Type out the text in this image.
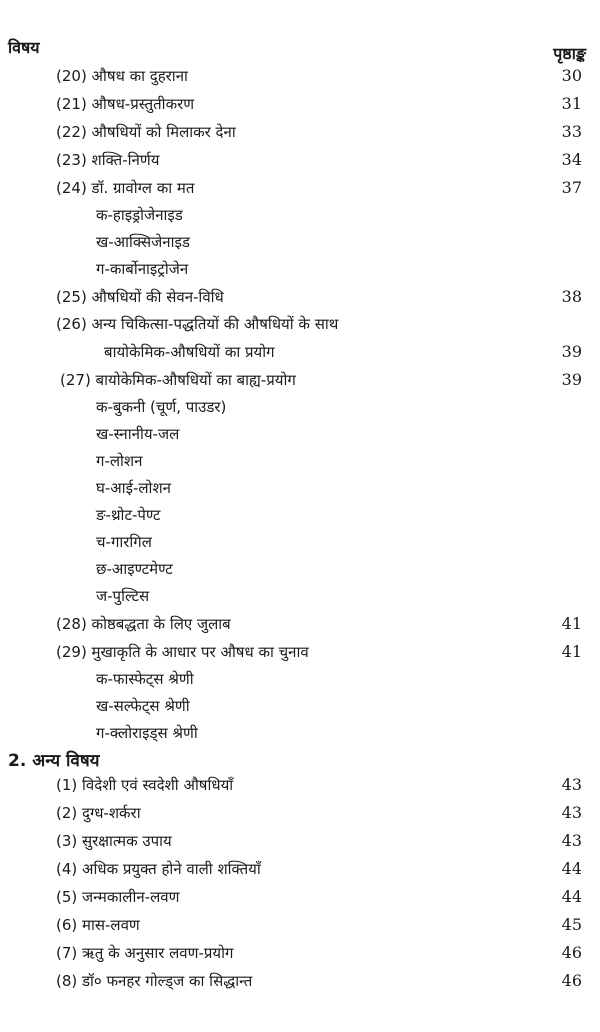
विषय	पृष्ठाङ्क
(20) औषध का दुहराना	30
(21) औषध-प्रस्तुतीकरण	31
(22) औषधियों को मिलाकर देना	33
(23) शक्ति-निर्णय	34
(24) डॉ. ग्रावोग्ल का मत	37
क-हाइड्रोजेनाइड
ख-आक्सिजेनाइड
ग-कार्बोनाइट्रोजेन
(25) औषधियों की सेवन-विधि	38
(26) अन्य चिकित्सा-पद्धतियों की औषधियों के साथ
बायोकेमिक-औषधियों का प्रयोग	39
(27) बायोकेमिक-औषधियों का बाह्य-प्रयोग	39
क-बुकनी (चूर्ण, पाउडर)
ख-स्नानीय-जल
ग-लोशन
घ-आई-लोशन
ङ-थ्रोट-पेण्ट
च-गारगिल
छ-आइण्टमेण्ट
ज-पुल्टिस
(28) कोष्ठबद्धता के लिए जुलाब	41
(29) मुखाकृति के आधार पर औषध का चुनाव	41
क-फास्फेट्स श्रेणी
ख-सल्फेट्स श्रेणी
ग-क्लोराइड्स श्रेणी
2. अन्य विषय
(1) विदेशी एवं स्वदेशी औषधियाँ	43
(2) दुग्ध-शर्करा	43
(3) सुरक्षात्मक उपाय	43
(4) अधिक प्रयुक्त होने वाली शक्तियाँ	44
(5) जन्मकालीन-लवण	44
(6) मास-लवण	45
(7) ऋतु के अनुसार लवण-प्रयोग	46
(8) डॉ० फनहर गोल्ड्ज का सिद्धान्त	46
